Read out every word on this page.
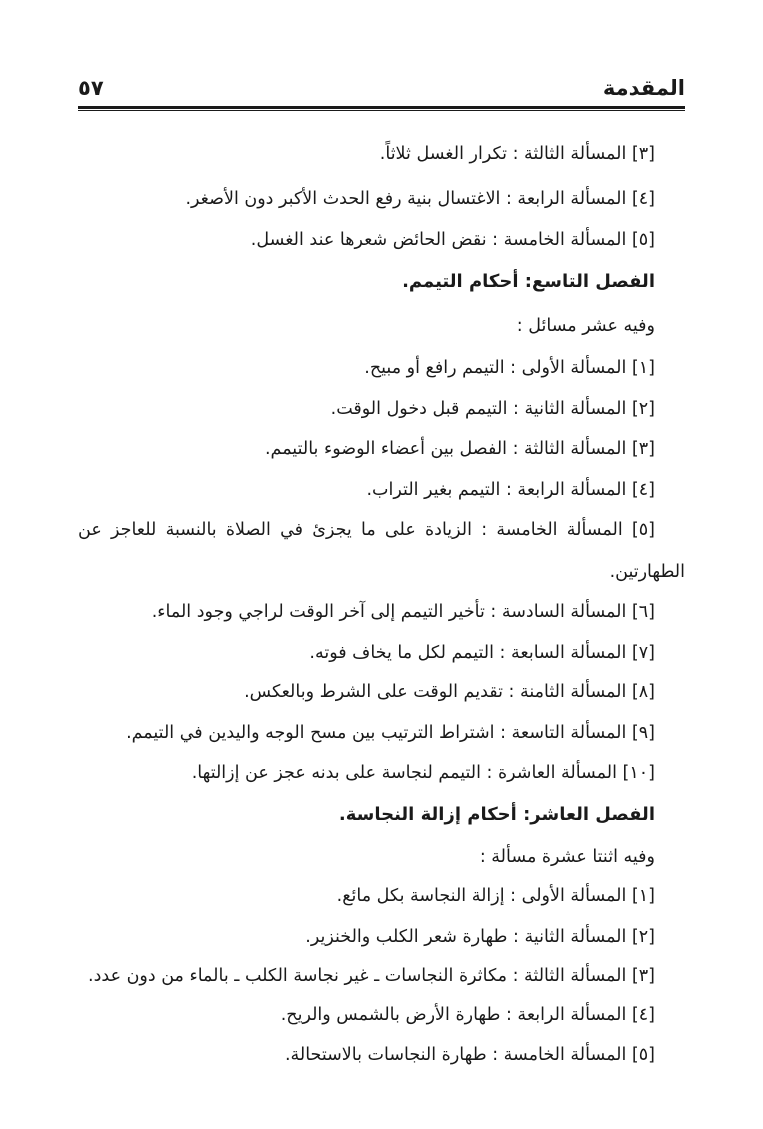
المقدمة
٥٧
[٣] المسألة الثالثة : تكرار الغسل ثلاثاً.
[٤] المسألة الرابعة : الاغتسال بنية رفع الحدث الأكبر دون الأصغر.
[٥] المسألة الخامسة : نقض الحائض شعرها عند الغسل.
الفصل التاسع: أحكام التيمم.
وفيه عشر مسائل :
[١] المسألة الأولى : التيمم رافع أو مبيح.
[٢] المسألة الثانية : التيمم قبل دخول الوقت.
[٣] المسألة الثالثة : الفصل بين أعضاء الوضوء بالتيمم.
[٤] المسألة الرابعة : التيمم بغير التراب.
[٥] المسألة الخامسة : الزيادة على ما يجزئ في الصلاة بالنسبة للعاجز عن
الطهارتين.
[٦] المسألة السادسة : تأخير التيمم إلى آخر الوقت لراجي وجود الماء.
[٧] المسألة السابعة : التيمم لكل ما يخاف فوته.
[٨] المسألة الثامنة : تقديم الوقت على الشرط وبالعكس.
[٩] المسألة التاسعة : اشتراط الترتيب بين مسح الوجه واليدين في التيمم.
[١٠] المسألة العاشرة : التيمم لنجاسة على بدنه عجز عن إزالتها.
الفصل العاشر: أحكام إزالة النجاسة.
وفيه اثنتا عشرة مسألة :
[١] المسألة الأولى : إزالة النجاسة بكل مائع.
[٢] المسألة الثانية : طهارة شعر الكلب والخنزير.
[٣] المسألة الثالثة : مكاثرة النجاسات ـ غير نجاسة الكلب ـ بالماء من دون عدد.
[٤] المسألة الرابعة : طهارة الأرض بالشمس والريح.
[٥] المسألة الخامسة : طهارة النجاسات بالاستحالة.
